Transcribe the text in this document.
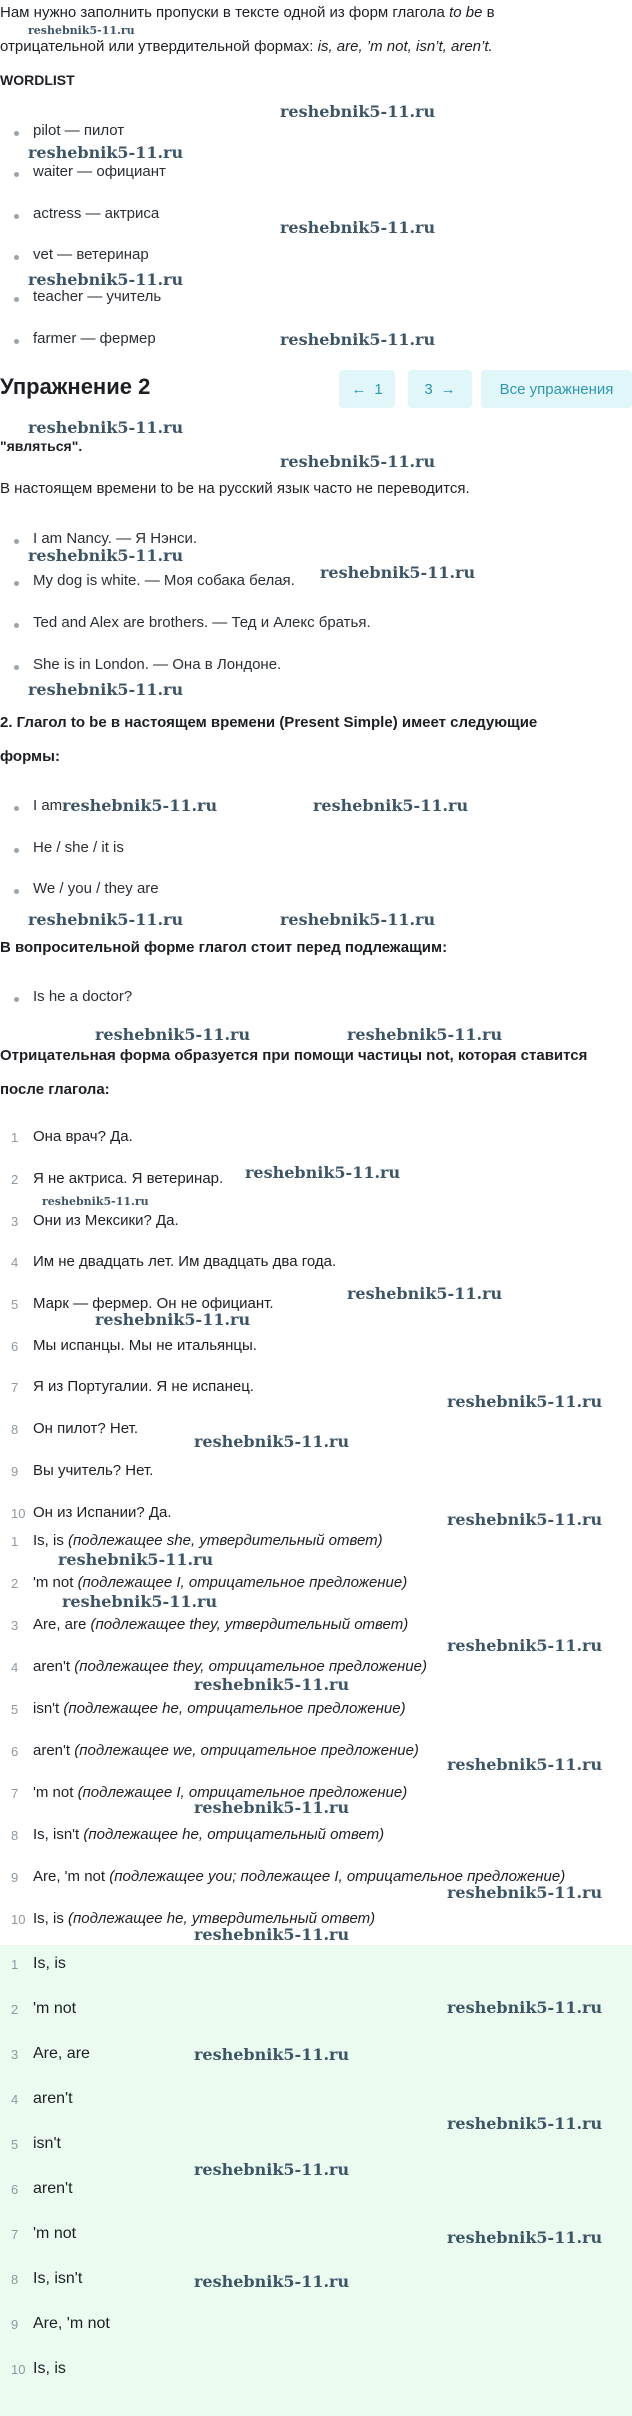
Нам нужно заполнить пропуски в тексте одной из форм глагола to be в
отрицательной или утвердительной формах: is, are, ’m not, isn’t, aren’t.
WORDLIST
pilot — пилот
waiter — официант
actress — актриса
vet — ветеринар
teacher — учитель
farmer — фермер
Упражнение 2	← 1	3 →	Все упражнения
"являться".
В настоящем времени to be на русский язык часто не переводится.
I am Nancy. — Я Нэнси.
My dog is white. — Моя собака белая.
Ted and Alex are brothers. — Тед и Алекс братья.
She is in London. — Она в Лондоне.
2. Глагол to be в настоящем времени (Present Simple) имеет следующие
формы:
I am
He / she / it is
We / you / they are
В вопросительной форме глагол стоит перед подлежащим:
Is he a doctor?
Отрицательная форма образуется при помощи частицы not, которая ставится
после глагола:
1 Она врач? Да.
2 Я не актриса. Я ветеринар.
3 Они из Мексики? Да.
4 Им не двадцать лет. Им двадцать два года.
5 Марк — фермер. Он не официант.
6 Мы испанцы. Мы не итальянцы.
7 Я из Португалии. Я не испанец.
8 Он пилот? Нет.
9 Вы учитель? Нет.
10 Он из Испании? Да.
1 Is, is (подлежащее she, утвердительный ответ)
2 'm not (подлежащее I, отрицательное предложение)
3 Are, are (подлежащее they, утвердительный ответ)
4 aren't (подлежащее they, отрицательное предложение)
5 isn't (подлежащее he, отрицательное предложение)
6 aren't (подлежащее we, отрицательное предложение)
7 'm not (подлежащее I, отрицательное предложение)
8 Is, isn't (подлежащее he, отрицательный ответ)
9 Are, 'm not (подлежащее you; подлежащее I, отрицательное предложение)
10 Is, is (подлежащее he, утвердительный ответ)
1 Is, is
2 'm not
3 Are, are
4 aren't
5 isn't
6 aren't
7 'm not
8 Is, isn't
9 Are, 'm not
10 Is, is
reshebnik5-11.ru
reshebnik5-11.ru
reshebnik5-11.ru
reshebnik5-11.ru
reshebnik5-11.ru
reshebnik5-11.ru
reshebnik5-11.ru
reshebnik5-11.ru
reshebnik5-11.ru
reshebnik5-11.ru
reshebnik5-11.ru
reshebnik5-11.ru	reshebnik5-11.ru
reshebnik5-11.ru	reshebnik5-11.ru
reshebnik5-11.ru	reshebnik5-11.ru
reshebnik5-11.ru
reshebnik5-11.ru
reshebnik5-11.ru
reshebnik5-11.ru
reshebnik5-11.ru
reshebnik5-11.ru
reshebnik5-11.ru
reshebnik5-11.ru
reshebnik5-11.ru
reshebnik5-11.ru
reshebnik5-11.ru
reshebnik5-11.ru
reshebnik5-11.ru
reshebnik5-11.ru
reshebnik5-11.ru
reshebnik5-11.ru
reshebnik5-11.ru
reshebnik5-11.ru
reshebnik5-11.ru
reshebnik5-11.ru
reshebnik5-11.ru
